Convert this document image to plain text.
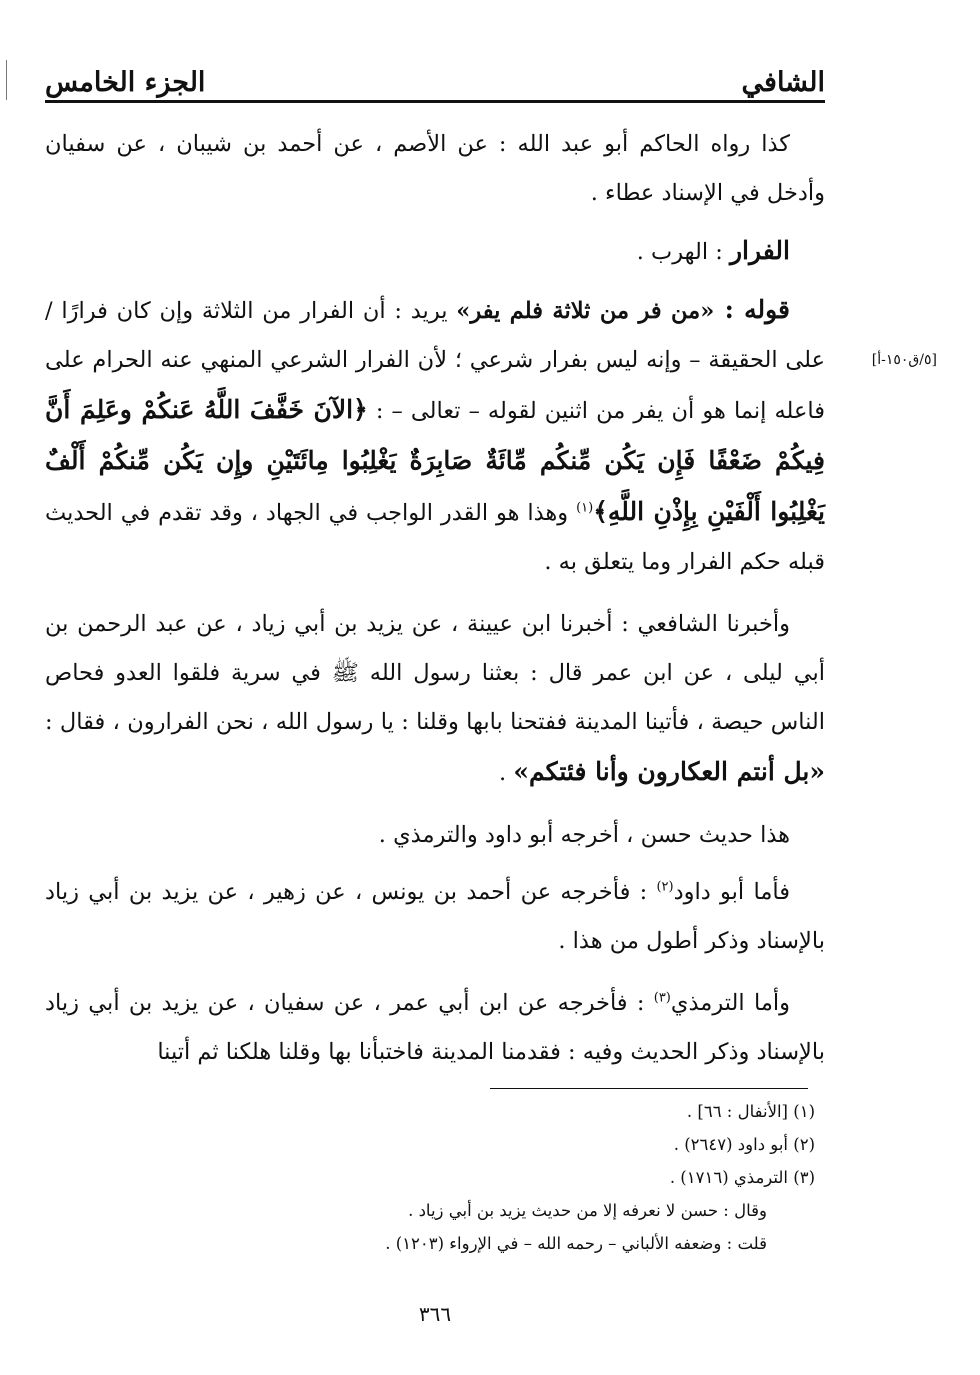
الشافي
الجزء الخامس
[٥/ق١٥٠-أ]

كذا رواه الحاكم أبو عبد الله : عن الأصم ، عن أحمد بن شيبان ، عن سفيان وأدخل في الإسناد عطاء .

الفرار : الهرب .

قوله : «من فر من ثلاثة فلم يفر» يريد : أن الفرار من الثلاثة وإن كان فرارًا / على الحقيقة – وإنه ليس بفرار شرعي ؛ لأن الفرار الشرعي المنهي عنه الحرام على فاعله إنما هو أن يفر من اثنين لقوله – تعالى – : ﴿الآنَ خَفَّفَ اللَّهُ عَنكُمْ وعَلِمَ أَنَّ فِيكُمْ ضَعْفًا فَإِن يَكُن مِّنكُم مِّائَةٌ صَابِرَةٌ يَغْلِبُوا مِائَتَيْنِ وإِن يَكُن مِّنكُمْ أَلْفٌ يَغْلِبُوا أَلْفَيْنِ بِإِذْنِ اللَّهِ﴾$^{(١)}$ وهذا هو القدر الواجب في الجهاد ، وقد تقدم في الحديث قبله حكم الفرار وما يتعلق به .

وأخبرنا الشافعي : أخبرنا ابن عيينة ، عن يزيد بن أبي زياد ، عن عبد الرحمن بن أبي ليلى ، عن ابن عمر قال : بعثنا رسول الله ﷺ في سرية فلقوا العدو فحاص الناس حيصة ، فأتينا المدينة ففتحنا بابها وقلنا : يا رسول الله ، نحن الفرارون ، فقال : «بل أنتم العكارون وأنا فئتكم» .

هذا حديث حسن ، أخرجه أبو داود والترمذي .

فأما أبو داود$^{(٢)}$ : فأخرجه عن أحمد بن يونس ، عن زهير ، عن يزيد بن أبي زياد بالإسناد وذكر أطول من هذا .

وأما الترمذي$^{(٣)}$ : فأخرجه عن ابن أبي عمر ، عن سفيان ، عن يزيد بن أبي زياد بالإسناد وذكر الحديث وفيه : فقدمنا المدينة فاختبأنا بها وقلنا هلكنا ثم أتينا

(١) [الأنفال : ٦٦] .
(٢) أبو داود (٢٦٤٧) .
(٣) الترمذي (١٧١٦) .
وقال : حسن لا نعرفه إلا من حديث يزيد بن أبي زياد .
قلت : وضعفه الألباني – رحمه الله – في الإرواء (١٢٠٣) .
٣٦٦
